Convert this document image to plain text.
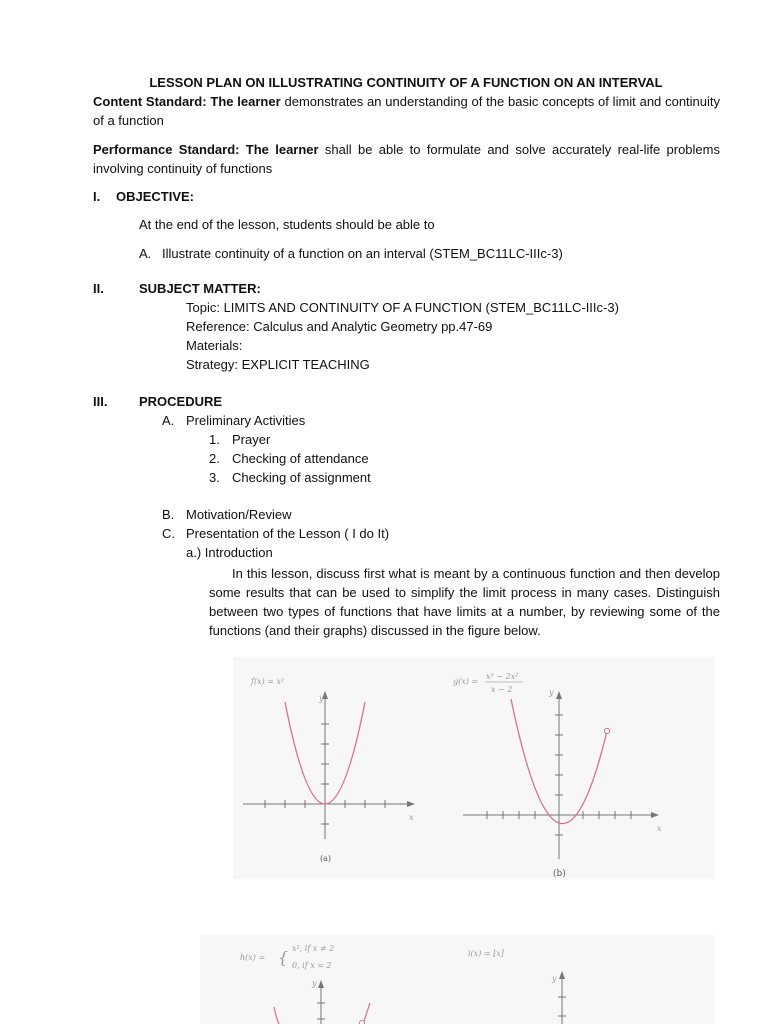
LESSON PLAN ON ILLUSTRATING CONTINUITY OF A FUNCTION ON AN INTERVAL
Content Standard: The learner demonstrates an understanding of the basic concepts of limit and continuity of a function
Performance Standard: The learner shall be able to formulate and solve accurately real-life problems involving continuity of functions
I. OBJECTIVE:
At the end of the lesson, students should be able to
A. Illustrate continuity of a function on an interval (STEM_BC11LC-IIIc-3)
II.	SUBJECT MATTER:
Topic: LIMITS AND CONTINUITY OF A FUNCTION (STEM_BC11LC-IIIc-3)
Reference: Calculus and Analytic Geometry pp.47-69
Materials:
Strategy: EXPLICIT TEACHING
III. PROCEDURE
A. Preliminary Activities
1. Prayer
2. Checking of attendance
3. Checking of assignment
B. Motivation/Review
C. Presentation of the Lesson ( I do It)
a.) Introduction
In this lesson, discuss first what is meant by a continuous function and then develop some results that can be used to simplify the limit process in many cases. Distinguish between two types of functions that have limits at a number, by reviewing some of the functions (and their graphs) discussed in the figure below.
f(x) = x²
y
x
(a)
g(x) =
x³ − 2x²
x − 2	y
x
(b)
h(x) = { x², if x ≠ 2
0, if x = 2
y
i(x) = [x]
y
